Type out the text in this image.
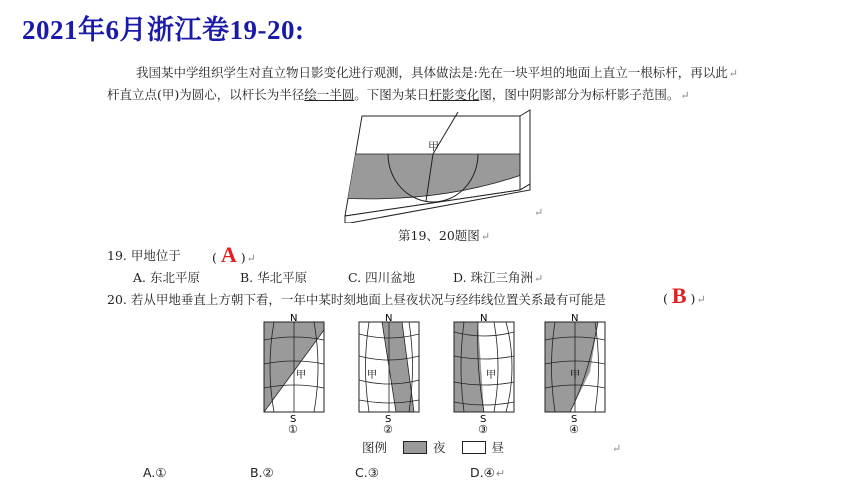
2021年6月浙江卷19-20:
我国某中学组织学生对直立物日影变化进行观测，具体做法是:先在一块平坦的地面上直立一根标杆，再以此↵
杆直立点(甲)为圆心，以杆长为半径绘一半圆。下图为某日杆影变化图，图中阴影部分为标杆影子范围。↵
甲
第19、20题图↵
↵
19. 甲地位于 ( A )↵
A. 东北平原	B. 华北平原	C. 四川盆地	D. 珠江三角洲↵
20. 若从甲地垂直上方朝下看，一年中某时刻地面上昼夜状况与经纬线位置关系最有可能是	( B )↵
N
S
甲
①
N
S
甲
②
N
S
甲
③
N
S
甲
④
图例	夜	昼	↵
A.①	B.②	C.③	D.④↵
